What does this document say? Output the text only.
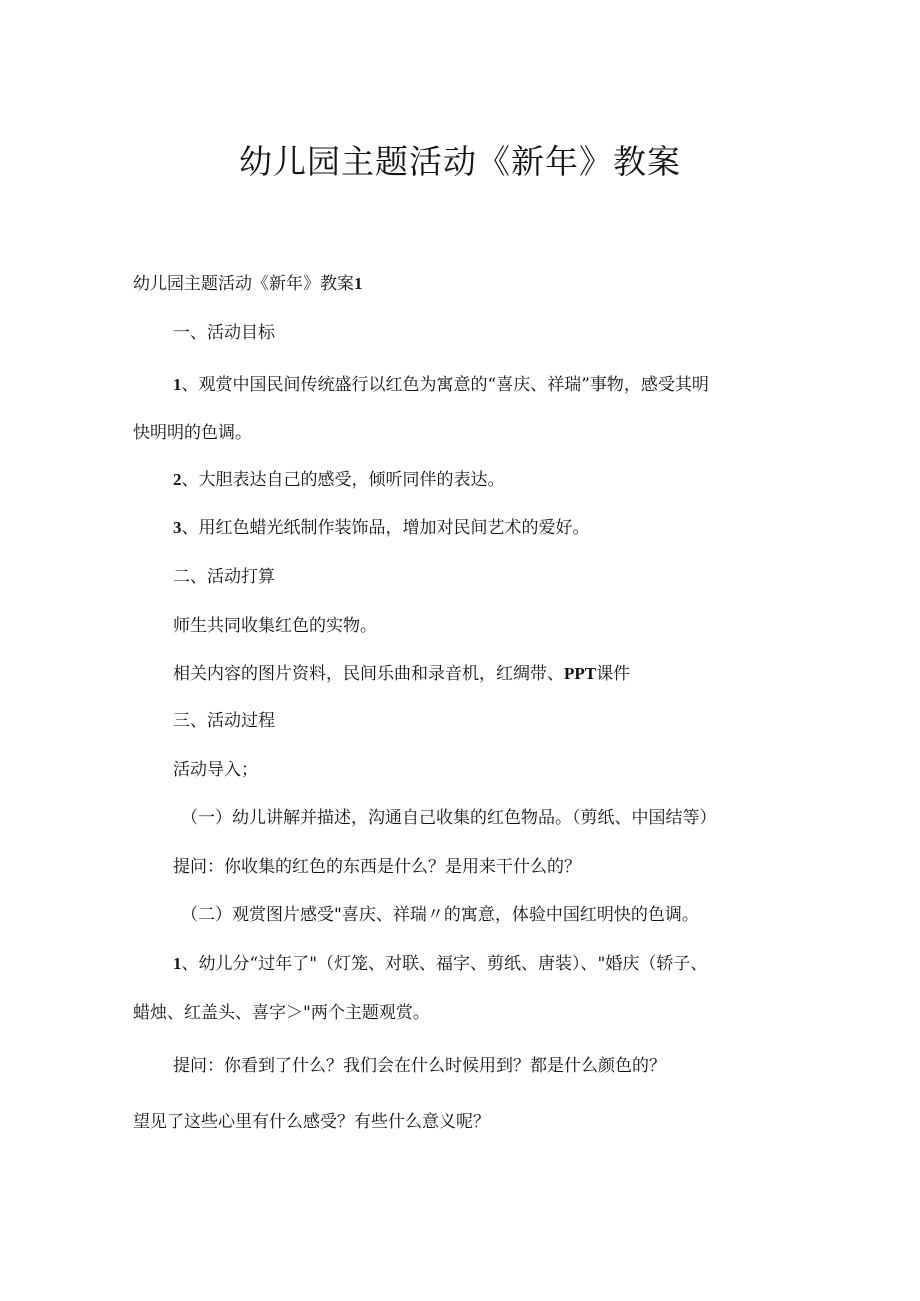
幼儿园主题活动《新年》教案

幼儿园主题活动《新年》教案1

一、活动目标

1、观赏中国民间传统盛行以红色为寓意的“喜庆、祥瑞”事物，感受其明

快明明的色调。

2、大胆表达自己的感受，倾听同伴的表达。

3、用红色蜡光纸制作装饰品，增加对民间艺术的爱好。

二、活动打算

师生共同收集红色的实物。

相关内容的图片资料，民间乐曲和录音机，红绸带、PPT课件

三、活动过程

活动导入；

（一）幼儿讲解并描述，沟通自己收集的红色物品。（剪纸、中国结等）

提问：你收集的红色的东西是什么？是用来干什么的？

（二）观赏图片感受"喜庆、祥瑞〃的寓意，体验中国红明快的色调。

1、幼儿分“过年了"（灯笼、对联、福字、剪纸、唐装）、"婚庆（轿子、

蜡烛、红盖头、喜字＞"两个主题观赏。

提问：你看到了什么？我们会在什么时候用到？都是什么颜色的？

望见了这些心里有什么感受？有些什么意义呢？
